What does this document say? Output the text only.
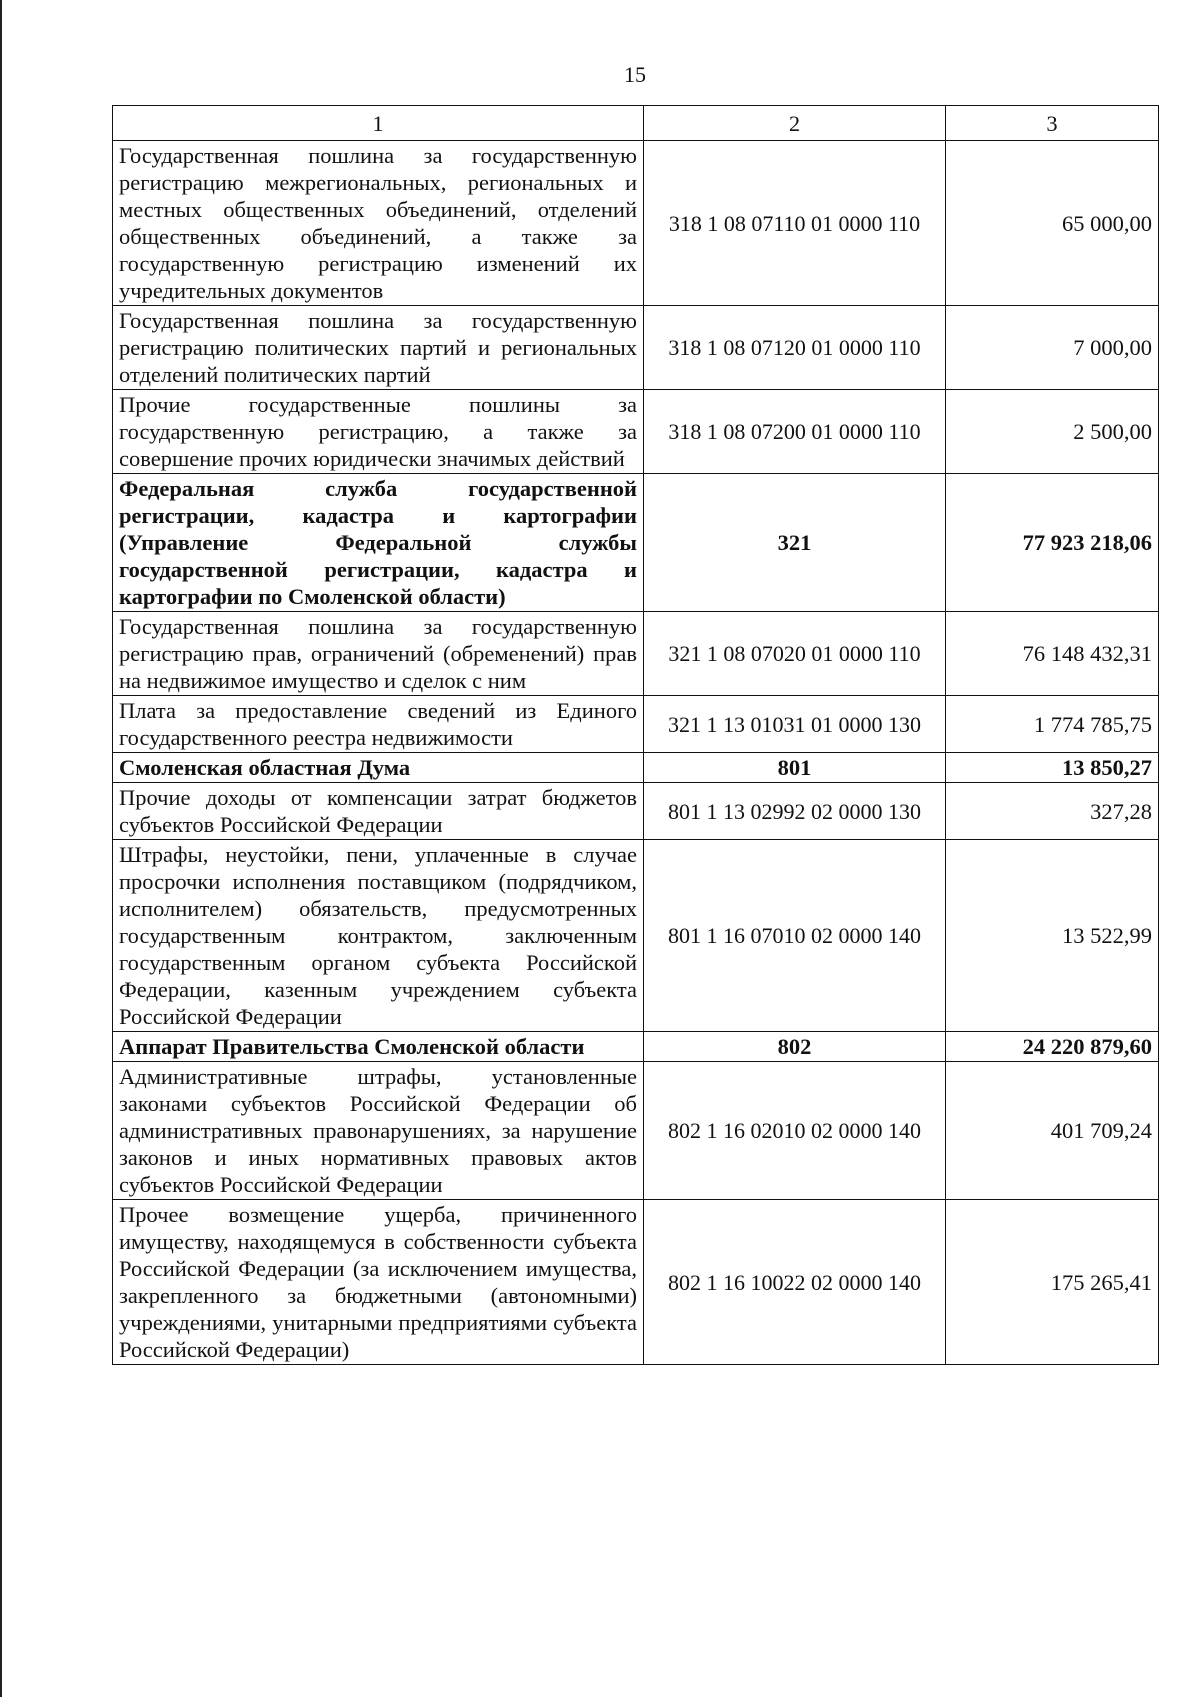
15
1	2	3
Государственная пошлина за государственную регистрацию межрегиональных, региональных и местных общественных объединений, отделений общественных объединений, а также за государственную регистрацию изменений их учредительных документов	318 1 08 07110 01 0000 110	65 000,00
Государственная пошлина за государственную регистрацию политических партий и региональных отделений политических партий	318 1 08 07120 01 0000 110	7 000,00
Прочие государственные пошлины за государственную регистрацию, а также за совершение прочих юридически значимых действий	318 1 08 07200 01 0000 110	2 500,00
Федеральная служба государственной регистрации, кадастра и картографии (Управление Федеральной службы государственной регистрации, кадастра и картографии по Смоленской области)	321	77 923 218,06
Государственная пошлина за государственную регистрацию прав, ограничений (обременений) прав на недвижимое имущество и сделок с ним	321 1 08 07020 01 0000 110	76 148 432,31
Плата за предоставление сведений из Единого государственного реестра недвижимости	321 1 13 01031 01 0000 130	1 774 785,75
Смоленская областная Дума	801	13 850,27
Прочие доходы от компенсации затрат бюджетов субъектов Российской Федерации	801 1 13 02992 02 0000 130	327,28
Штрафы, неустойки, пени, уплаченные в случае просрочки исполнения поставщиком (подрядчиком, исполнителем) обязательств, предусмотренных государственным контрактом, заключенным государственным органом субъекта Российской Федерации, казенным учреждением субъекта Российской Федерации	801 1 16 07010 02 0000 140	13 522,99
Аппарат Правительства Смоленской области	802	24 220 879,60
Административные штрафы, установленные законами субъектов Российской Федерации об административных правонарушениях, за нарушение законов и иных нормативных правовых актов субъектов Российской Федерации	802 1 16 02010 02 0000 140	401 709,24
Прочее возмещение ущерба, причиненного имуществу, находящемуся в собственности субъекта Российской Федерации (за исключением имущества, закрепленного за бюджетными (автономными) учреждениями, унитарными предприятиями субъекта Российской Федерации)	802 1 16 10022 02 0000 140	175 265,41
